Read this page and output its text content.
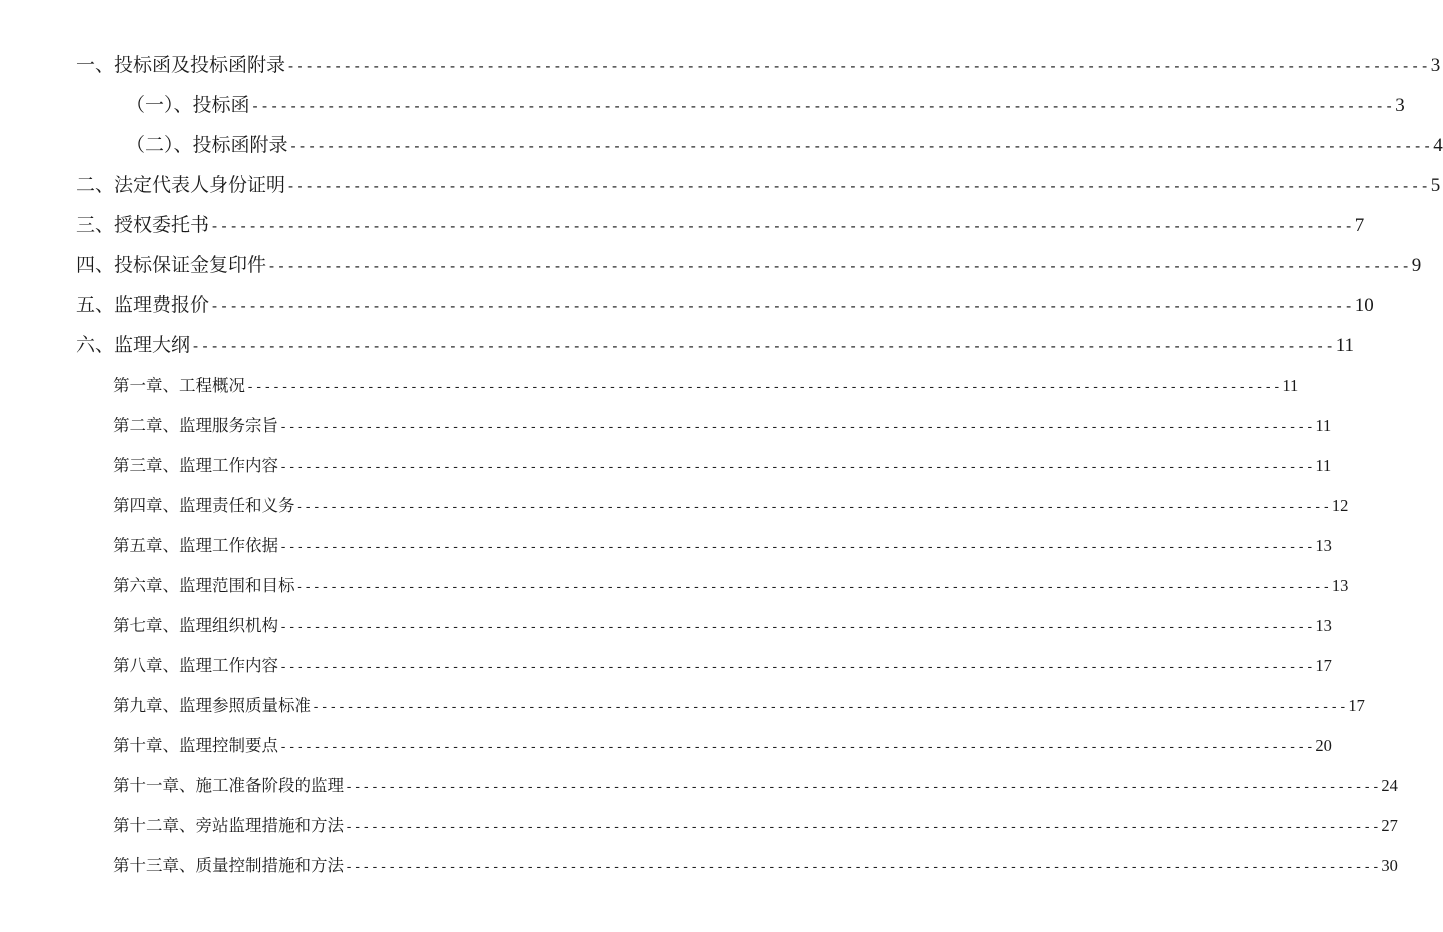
一、投标函及投标函附录 ------------------------------------------------------------------------------------------------------------------------ 3
（一）、投标函 ------------------------------------------------------------------------------------------------------------------------ 3
（二）、投标函附录 ------------------------------------------------------------------------------------------------------------------------ 4
二、法定代表人身份证明 ------------------------------------------------------------------------------------------------------------------------ 5
三、授权委托书 ------------------------------------------------------------------------------------------------------------------------ 7
四、投标保证金复印件 ------------------------------------------------------------------------------------------------------------------------ 9
五、监理费报价 ------------------------------------------------------------------------------------------------------------------------ 10
六、监理大纲 ------------------------------------------------------------------------------------------------------------------------ 11
第一章、工程概况 ------------------------------------------------------------------------------------------------------------------------ 11
第二章、监理服务宗旨 ------------------------------------------------------------------------------------------------------------------------ 11
第三章、监理工作内容 ------------------------------------------------------------------------------------------------------------------------ 11
第四章、监理责任和义务 ------------------------------------------------------------------------------------------------------------------------ 12
第五章、监理工作依据 ------------------------------------------------------------------------------------------------------------------------ 13
第六章、监理范围和目标 ------------------------------------------------------------------------------------------------------------------------ 13
第七章、监理组织机构 ------------------------------------------------------------------------------------------------------------------------ 13
第八章、监理工作内容 ------------------------------------------------------------------------------------------------------------------------ 17
第九章、监理参照质量标准 ------------------------------------------------------------------------------------------------------------------------ 17
第十章、监理控制要点 ------------------------------------------------------------------------------------------------------------------------ 20
第十一章、施工准备阶段的监理 ------------------------------------------------------------------------------------------------------------------------ 24
第十二章、旁站监理措施和方法 ------------------------------------------------------------------------------------------------------------------------ 27
第十三章、质量控制措施和方法 ------------------------------------------------------------------------------------------------------------------------ 30
